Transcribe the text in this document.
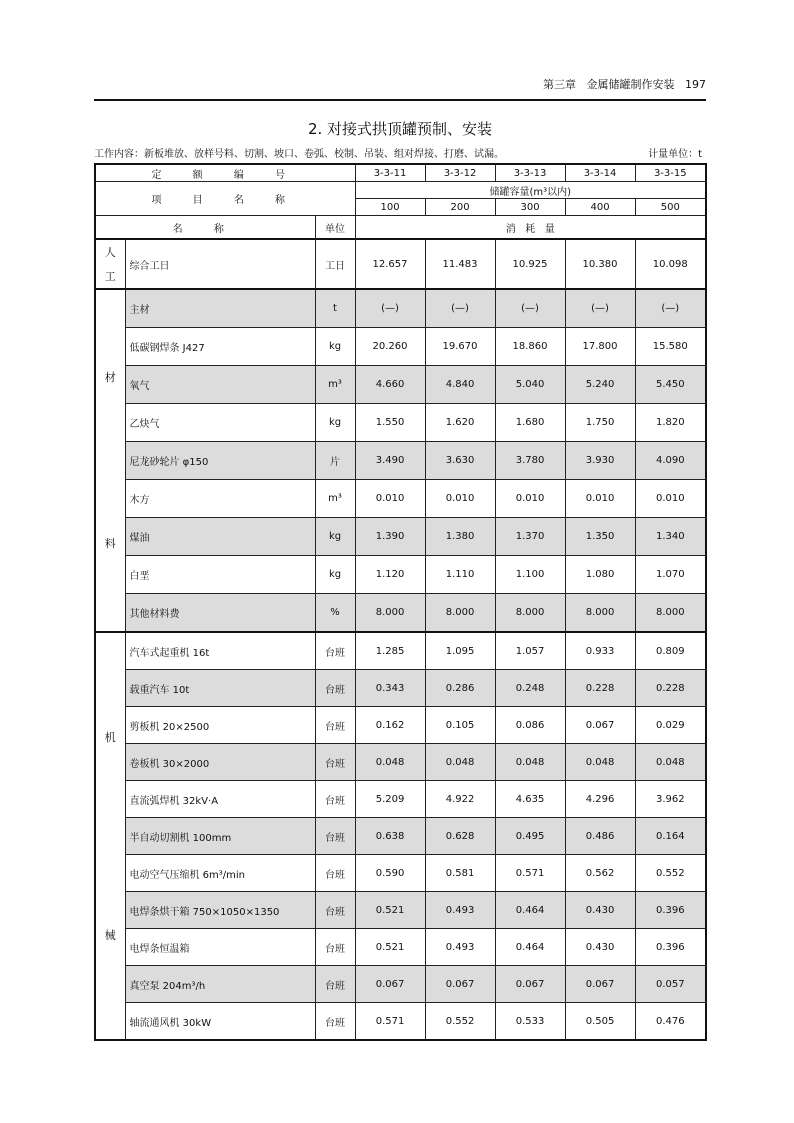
第三章   金属储罐制作安装   197
2. 对接式拱顶罐预制、安装
工作内容：新板堆放、放样号料、切割、坡口、卷弧、校制、吊装、组对焊接、打磨、试漏。	计量单位：t
定 额 编 号			3-3-11	3-3-12	3-3-13	3-3-14	3-3-15
项 目 名 称			储罐容量(m³以内)				
			100	200	300	400	500
名 称		单位	消   耗   量				

人
工	综合工日	工日	12.657	11.483	10.925	10.380	10.098

材
料	主材	t	(—)	(—)	(—)	(—)	(—)
	低碳钢焊条 J427	kg	20.260	19.670	18.860	17.800	15.580
	氧气	m³	4.660	4.840	5.040	5.240	5.450
	乙炔气	kg	1.550	1.620	1.680	1.750	1.820
	尼龙砂轮片 φ150	片	3.490	3.630	3.780	3.930	4.090
	木方	m³	0.010	0.010	0.010	0.010	0.010
	煤油	kg	1.390	1.380	1.370	1.350	1.340
	白垩	kg	1.120	1.110	1.100	1.080	1.070
	其他材料费	%	8.000	8.000	8.000	8.000	8.000

机
械	汽车式起重机 16t	台班	1.285	1.095	1.057	0.933	0.809
	载重汽车 10t	台班	0.343	0.286	0.248	0.228	0.228
	剪板机 20×2500	台班	0.162	0.105	0.086	0.067	0.029
	卷板机 30×2000	台班	0.048	0.048	0.048	0.048	0.048
	直流弧焊机 32kV·A	台班	5.209	4.922	4.635	4.296	3.962
	半自动切割机 100mm	台班	0.638	0.628	0.495	0.486	0.164
	电动空气压缩机 6m³/min	台班	0.590	0.581	0.571	0.562	0.552
	电焊条烘干箱 750×1050×1350	台班	0.521	0.493	0.464	0.430	0.396
	电焊条恒温箱	台班	0.521	0.493	0.464	0.430	0.396
	真空泵 204m³/h	台班	0.067	0.067	0.067	0.067	0.057
	轴流通风机 30kW	台班	0.571	0.552	0.533	0.505	0.476
